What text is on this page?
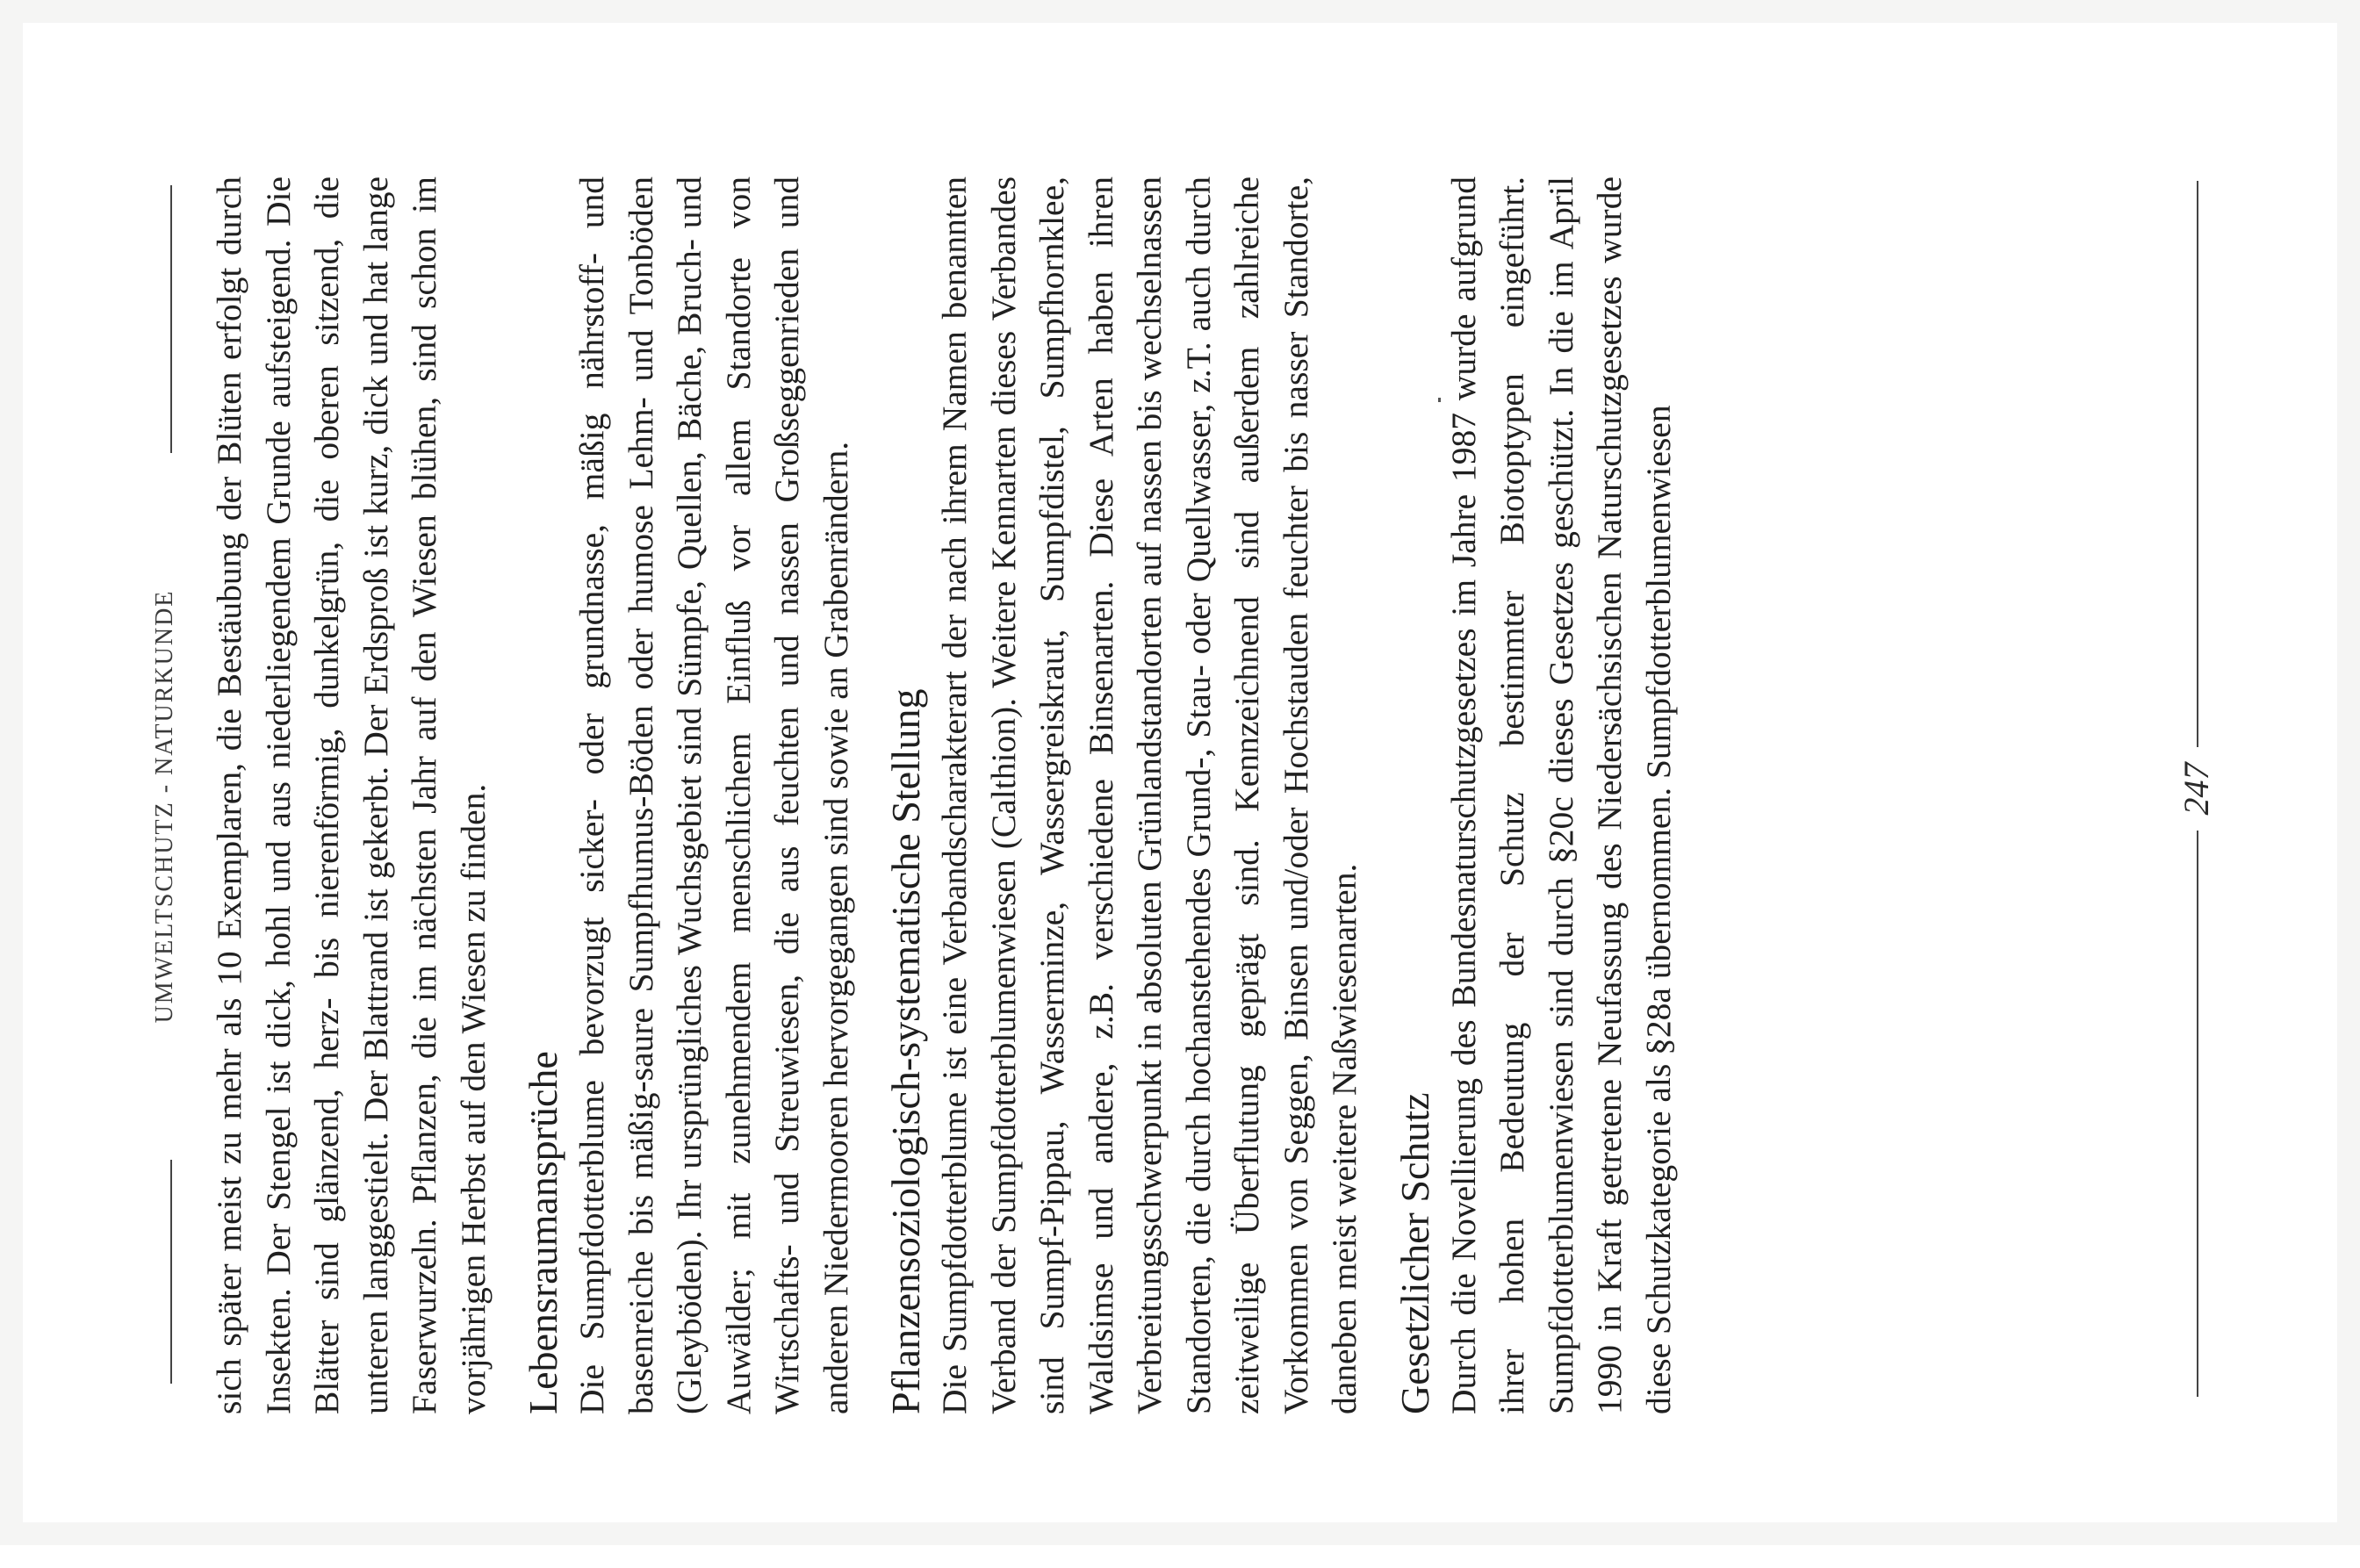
UMWELTSCHUTZ - NATURKUNDE sich später meist zu mehr als 10 Exemplaren, die Bestäubung der Blüten erfolgt durch Insekten. Der Stengel ist dick, hohl und aus niederliegendem Grunde aufsteigend. Die Blätter sind glänzend, herz- bis nierenförmig, dunkelgrün, die oberen sitzend, die unteren langgestielt. Der Blattrand ist gekerbt. Der Erdsproß ist kurz, dick und hat lange Faserwurzeln. Pflanzen, die im nächsten Jahr auf den Wiesen blühen, sind schon im vorjährigen Herbst auf den Wiesen zu finden. Lebensraumansprüche Die Sumpfdotterblume bevorzugt sicker- oder grundnasse, mäßig nährstoff- und basenreiche bis mäßig-saure Sumpfhumus-Böden oder humose Lehm- und Tonböden (Gleyböden). Ihr ursprüngliches Wuchsgebiet sind Sümpfe, Quellen, Bäche, Bruch- und Auwälder; mit zunehmendem menschlichem Einfluß vor allem Standorte von Wirtschafts- und Streuwiesen, die aus feuchten und nassen Großseggenrieden und anderen Niedermooren hervorgegangen sind sowie an Grabenrändern. Pflanzensoziologisch-systematische Stellung Die Sumpfdotterblume ist eine Verbandscharakterart der nach ihrem Namen benannten Verband der Sumpfdotterblumenwiesen (Calthion). Weitere Kennarten dieses Verbandes sind Sumpf-Pippau, Wasserminze, Wassergreiskraut, Sumpfdistel, Sumpfhornklee, Waldsimse und andere, z.B. verschiedene Binsenarten. Diese Arten haben ihren Verbreitungsschwerpunkt in absoluten Grünlandstandorten auf nassen bis wechselnassen Standorten, die durch hochanstehendes Grund-, Stau- oder Quellwasser, z.T. auch durch zeitweilige Überflutung geprägt sind. Kennzeichnend sind außerdem zahlreiche Vorkommen von Seggen, Binsen und/oder Hochstauden feuchter bis nasser Standorte, daneben meist weitere Naßwiesenarten. Gesetzlicher Schutz Durch die Novellierung des Bundesnaturschutzgesetzes im Jahre 1987 wurde aufgrund ihrer hohen Bedeutung der Schutz bestimmter Biotoptypen eingeführt. Sumpfdotterblumenwiesen sind durch §20c dieses Gesetzes geschützt. In die im April 1990 in Kraft getretene Neufassung des Niedersächsischen Naturschutzgesetzes wurde diese Schutzkategorie als §28a übernommen. Sumpfdotterblumenwiesen	247
